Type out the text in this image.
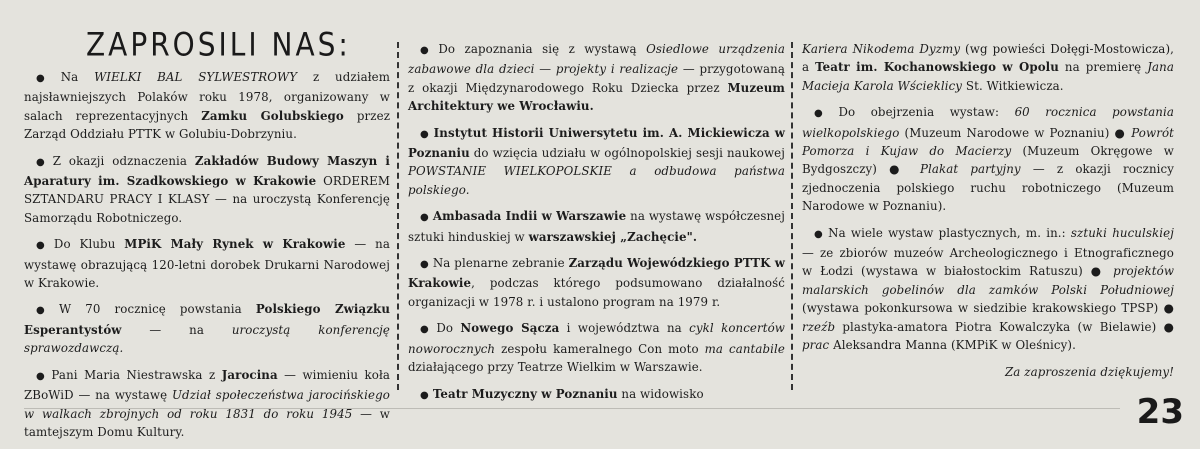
ZAPROSILI NAS:

● Na WIELKI BAL SYLWESTROWY z udziałem najsławniejszych Polaków roku 1978, organizowany w salach reprezentacyjnych Zamku Golubskiego przez Zarząd Oddziału PTTK w Golubiu-Dobrzyniu.

● Z okazji odznaczenia Zakładów Budowy Maszyn i Aparatury im. Szadkowskiego w Krakowie ORDEREM SZTANDARU PRACY I KLASY — na uroczystą Konferencję Samorządu Robotniczego.

● Do Klubu MPiK Mały Rynek w Krakowie — na wystawę obrazującą 120-letni dorobek Drukarni Narodowej w Krakowie.

● W 70 rocznicę powstania Polskiego Związku Esperantystów — na uroczystą konferencję sprawozdawczą.

● Pani Maria Niestrawska z Jarocina — wimieniu koła ZBoWiD — na wystawę Udział społeczeństwa jarocińskiego w walkach zbrojnych od roku 1831 do roku 1945 — w tamtejszym Domu Kultury.

● Do zapoznania się z wystawą Osiedlowe urządzenia zabawowe dla dzieci — projekty i realizacje — przygotowaną z okazji Międzynarodowego Roku Dziecka przez Muzeum Architektury we Wrocławiu.

● Instytut Historii Uniwersytetu im. A. Mickiewicza w Poznaniu do wzięcia udziału w ogólnopolskiej sesji naukowej POWSTANIE WIELKOPOLSKIE a odbudowa państwa polskiego.

● Ambasada Indii w Warszawie na wystawę współczesnej sztuki hinduskiej w warszawskiej „Zachęcie".

● Na plenarne zebranie Zarządu Wojewódzkiego PTTK w Krakowie, podczas którego podsumowano działalność organizacji w 1978 r. i ustalono program na 1979 r.

● Do Nowego Sącza i województwa na cykl koncertów noworocznych zespołu kameralnego Con moto ma cantabile działającego przy Teatrze Wielkim w Warszawie.

● Teatr Muzyczny w Poznaniu na widowisko

Kariera Nikodema Dyzmy (wg powieści Dołęgi-Mostowicza), a Teatr im. Kochanowskiego w Opolu na premierę Jana Macieja Karola Wścieklicy St. Witkiewicza.

● Do obejrzenia wystaw: 60 rocznica powstania wielkopolskiego (Muzeum Narodowe w Poznaniu) ● Powrót Pomorza i Kujaw do Macierzy (Muzeum Okręgowe w Bydgoszczy) ● Plakat partyjny — z okazji rocznicy zjednoczenia polskiego ruchu robotniczego (Muzeum Narodowe w Poznaniu).

● Na wiele wystaw plastycznych, m. in.: sztuki huculskiej — ze zbiorów muzeów Archeologicznego i Etnograficznego w Łodzi (wystawa w białostockim Ratuszu) ● projektów malarskich gobelinów dla zamków Polski Południowej (wystawa pokonkursowa w siedzibie krakowskiego TPSP) ● rzeźb plastyka-amatora Piotra Kowalczyka (w Bielawie) ● prac Aleksandra Manna (KMPiK w Oleśnicy).

Za zaproszenia dziękujemy!

23
